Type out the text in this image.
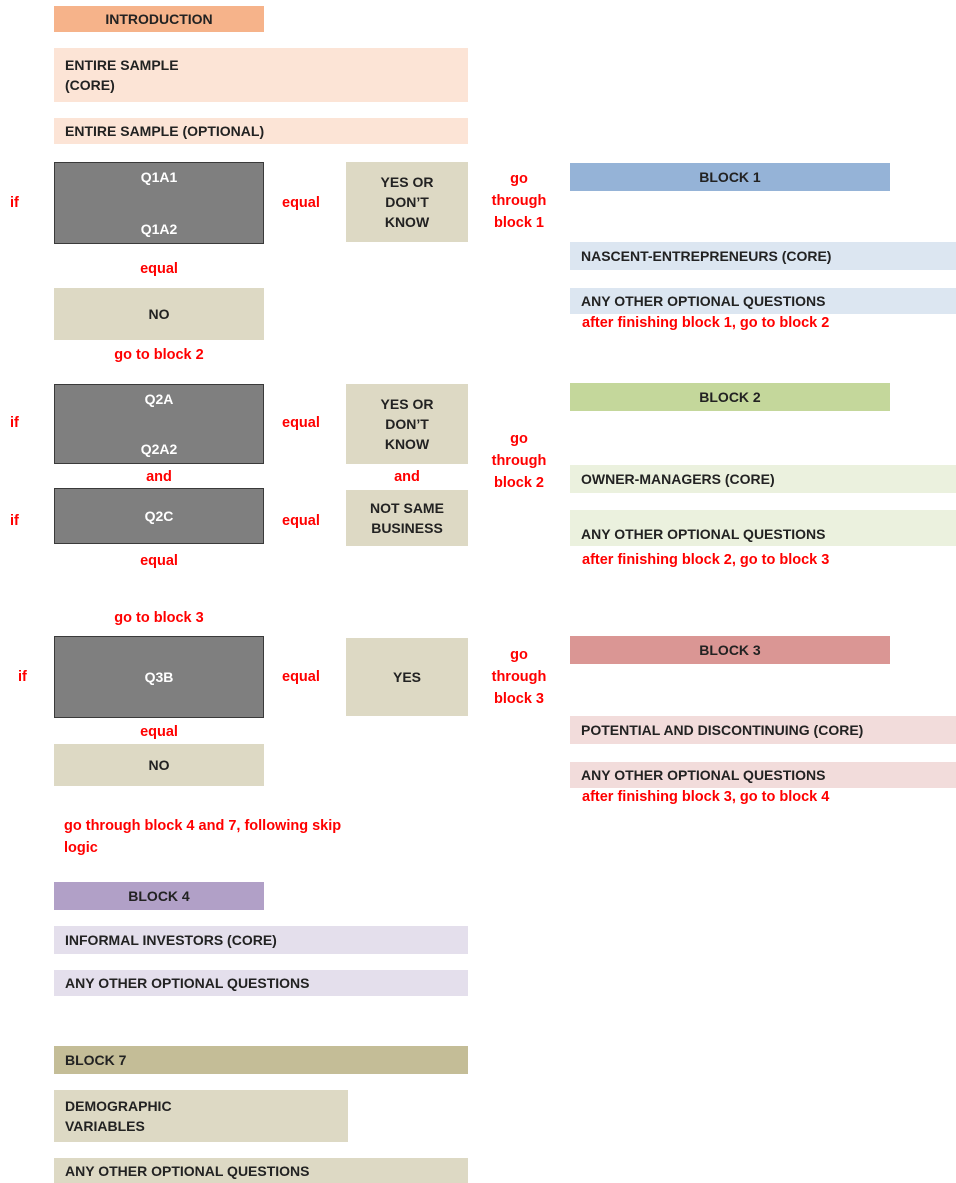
INTRODUCTION
ENTIRE SAMPLE
(CORE)
ENTIRE SAMPLE (OPTIONAL)
if
Q1A1
Q1A2
equal
YES OR
DON’T
KNOW
go
through
block 1
equal
NO
go to block 2
BLOCK 1
NASCENT-ENTREPRENEURS (CORE)
ANY OTHER OPTIONAL QUESTIONS
after finishing block 1, go to block 2
if
Q2A
Q2A2
equal
YES OR
DON’T
KNOW
and	and
if	Q2C	equal
NOT SAME
BUSINESS
go
through
block 2
equal
go to block 3
BLOCK 2
OWNER-MANAGERS (CORE)
ANY OTHER OPTIONAL QUESTIONS
after finishing block 2, go to block 3
if	Q3B	equal	YES
go
through
block 3
equal
NO
go through block 4 and 7, following skip
logic
BLOCK 3
POTENTIAL AND DISCONTINUING (CORE)
ANY OTHER OPTIONAL QUESTIONS
after finishing block 3, go to block 4
BLOCK 4
INFORMAL INVESTORS (CORE)
ANY OTHER OPTIONAL QUESTIONS
BLOCK 7
DEMOGRAPHIC
VARIABLES
ANY OTHER OPTIONAL QUESTIONS
